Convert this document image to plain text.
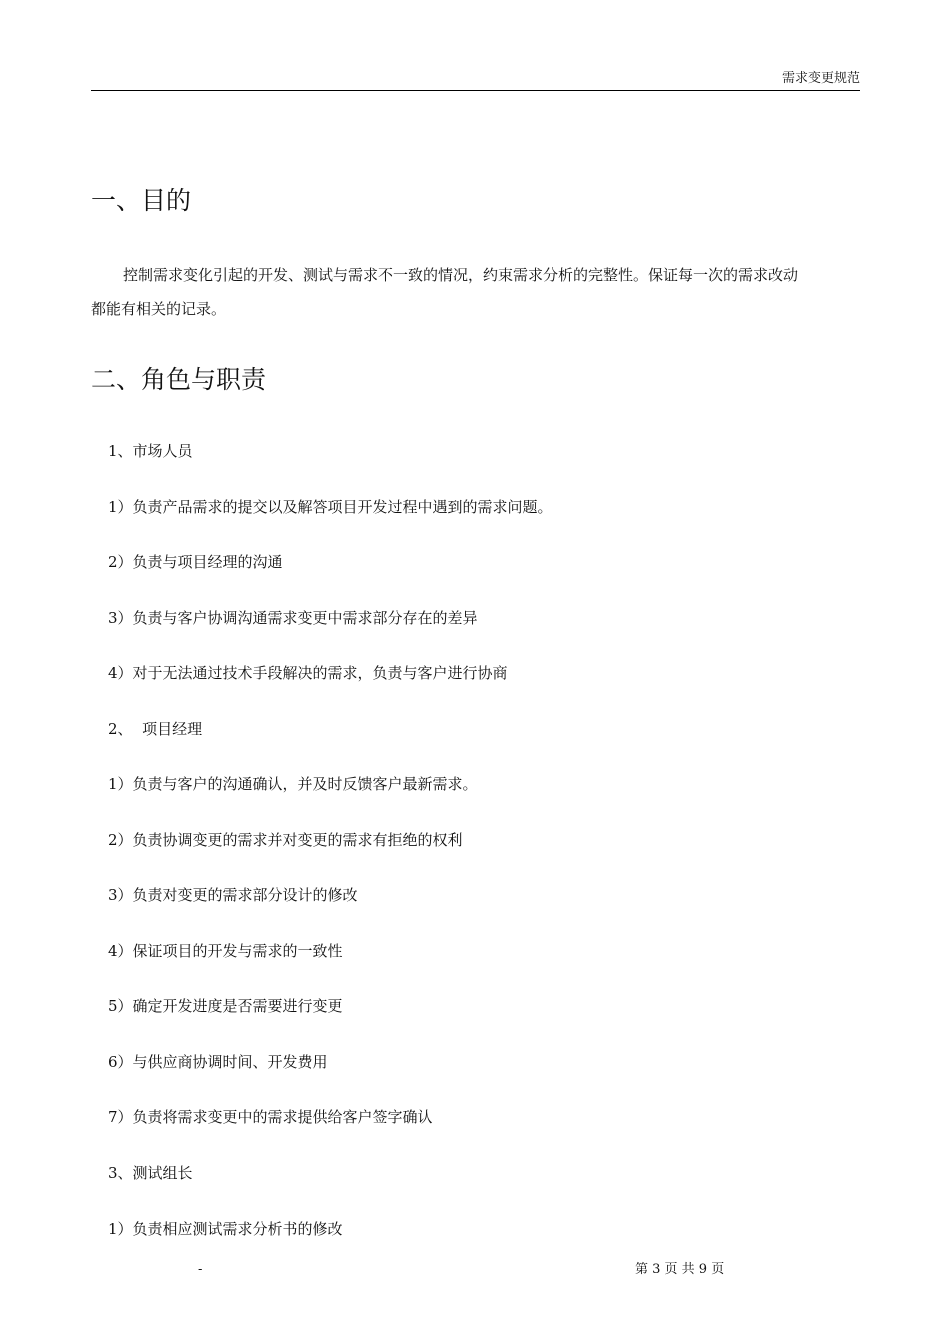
需求变更规范
一、目的
控制需求变化引起的开发、测试与需求不一致的情况，约束需求分析的完整性。保证每一次的需求改动
都能有相关的记录。
二、角色与职责

1、市场人员

1）负责产品需求的提交以及解答项目开发过程中遇到的需求问题。

2）负责与项目经理的沟通

3）负责与客户协调沟通需求变更中需求部分存在的差异

4）对于无法通过技术手段解决的需求，负责与客户进行协商

2、  项目经理

1）负责与客户的沟通确认，并及时反馈客户最新需求。

2）负责协调变更的需求并对变更的需求有拒绝的权利

3）负责对变更的需求部分设计的修改

4）保证项目的开发与需求的一致性

5）确定开发进度是否需要进行变更

6）与供应商协调时间、开发费用

7）负责将需求变更中的需求提供给客户签字确认

3、测试组长

1）负责相应测试需求分析书的修改

-	第 3 页 共 9 页
